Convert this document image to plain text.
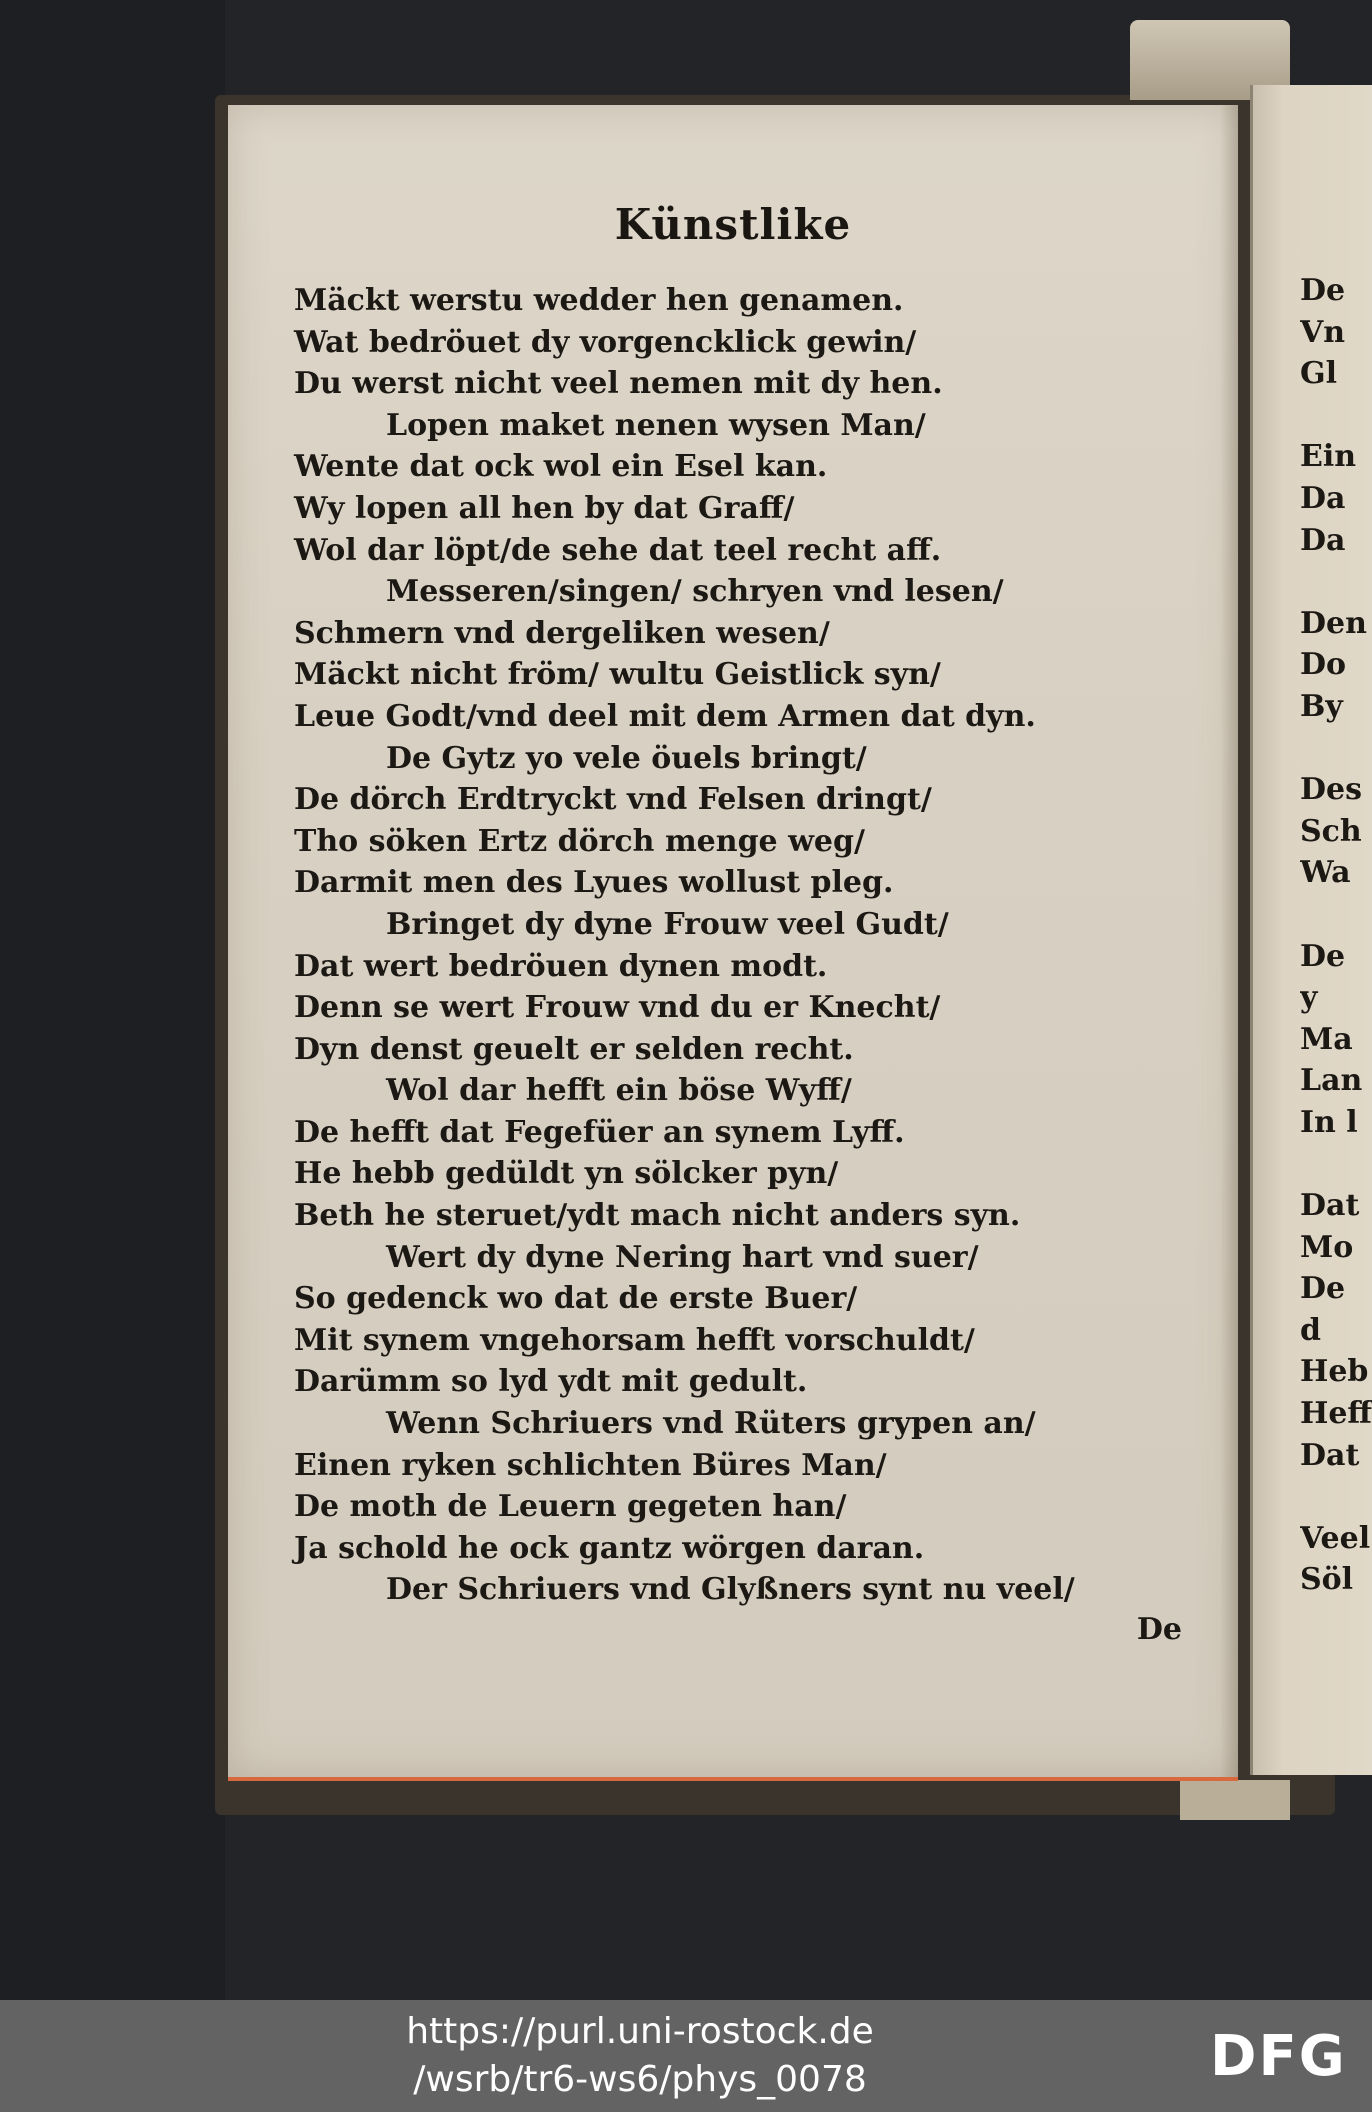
De
Vn
Gl
Ein
Da
Da
Den
Do
By
Des
Sch
Wa
De y
Ma
Lan
In l
Dat
Mo
De d
Heb
Heff
Dat
Veel
Söl
Künstlike
Mäckt werstu wedder hen genamen.
Wat bedröuet dy vorgencklick gewin/
Du werst nicht veel nemen mit dy hen.
Lopen maket nenen wysen Man/
Wente dat ock wol ein Esel kan.
Wy lopen all hen by dat Graff/
Wol dar löpt/de sehe dat teel recht aff.
Messeren/singen/ schryen vnd lesen/
Schmern vnd dergeliken wesen/
Mäckt nicht fröm/ wultu Geistlick syn/
Leue Godt/vnd deel mit dem Armen dat dyn.
De Gytz yo vele öuels bringt/
De dörch Erdtryckt vnd Felsen dringt/
Tho söken Ertz dörch menge weg/
Darmit men des Lyues wollust pleg.
Bringet dy dyne Frouw veel Gudt/
Dat wert bedröuen dynen modt.
Denn se wert Frouw vnd du er Knecht/
Dyn denst geuelt er selden recht.
Wol dar hefft ein böse Wyff/
De hefft dat Fegefüer an synem Lyff.
He hebb gedüldt yn sölcker pyn/
Beth he steruet/ydt mach nicht anders syn.
Wert dy dyne Nering hart vnd suer/
So gedenck wo dat de erste Buer/
Mit synem vngehorsam hefft vorschuldt/
Darümm so lyd ydt mit gedult.
Wenn Schriuers vnd Rüters grypen an/
Einen ryken schlichten Büres Man/
De moth de Leuern gegeten han/
Ja schold he ock gantz wörgen daran.
Der Schriuers vnd Glyßners synt nu veel/
De
https://purl.uni-rostock.de
/wsrb/tr6-ws6/phys_0078	DFG
